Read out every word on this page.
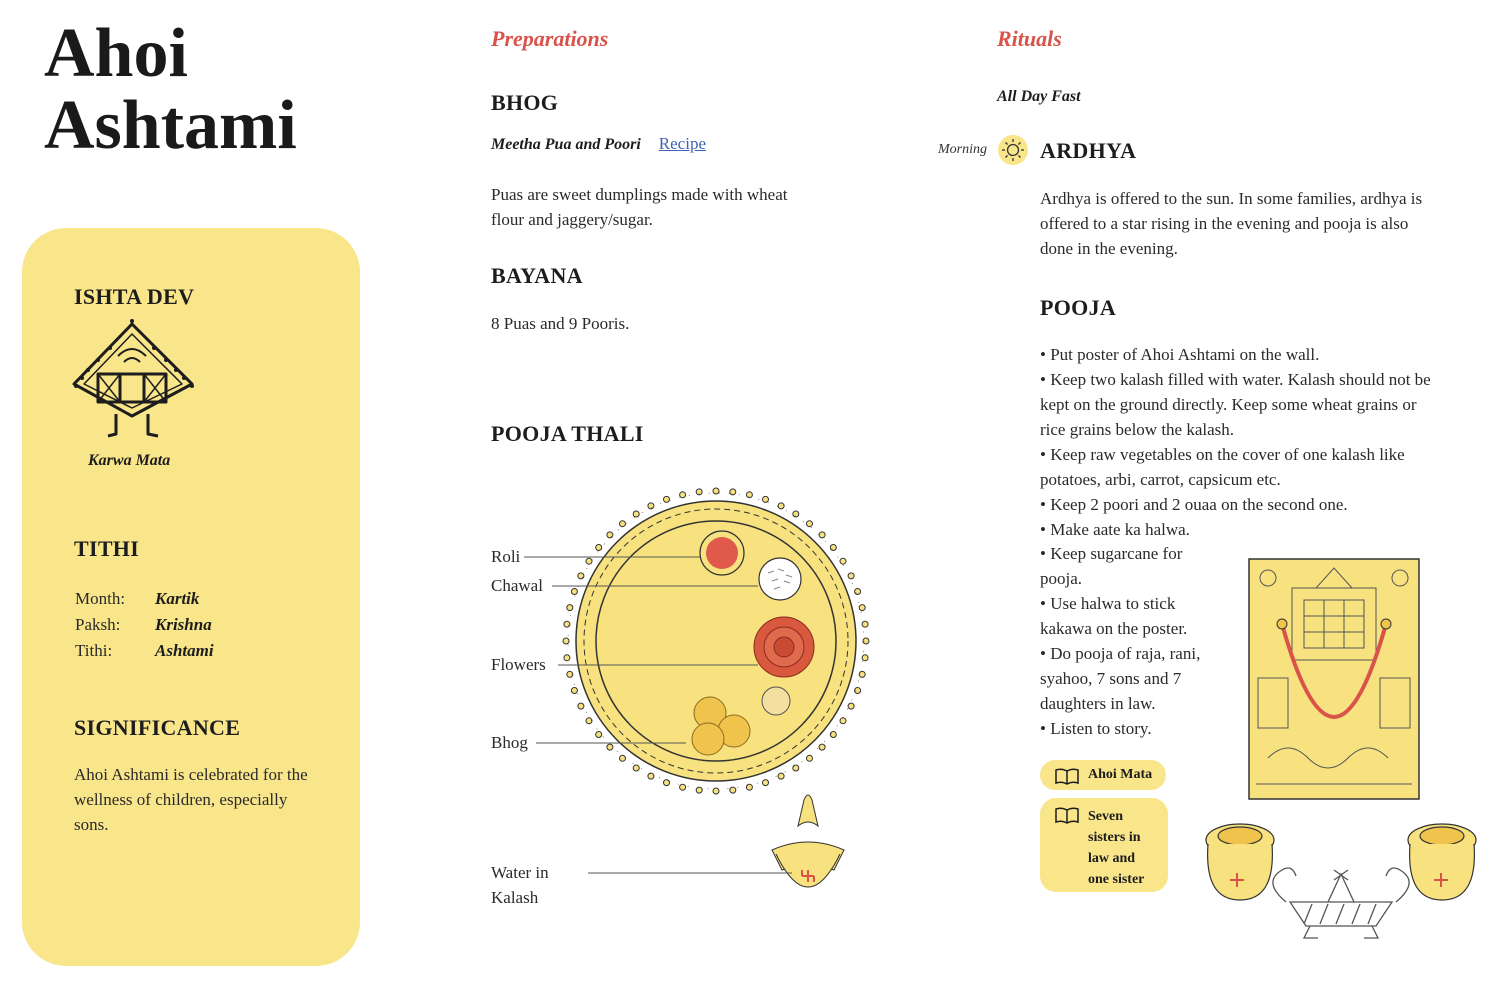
Ahoi
Ashtami
ISHTA DEV
Karwa Mata
TITHI
Month:	Kartik
Paksh:	Krishna
Tithi:	Ashtami
SIGNIFICANCE

Ahoi Ashtami is celebrated for the wellness of children, especially sons.

Preparations
BHOG
Meetha Pua and Poori Recipe

Puas are sweet dumplings made with wheat flour and jaggery/sugar.

BAYANA

8 Puas and 9 Pooris.

POOJA THALI
Roli
Chawal
Flowers
Bhog
Water in
Kalash
Rituals
All Day Fast
Morning ARDHYA

Ardhya is offered to the sun. In some families, ardhya is offered to a star rising in the evening and pooja is also done in the evening.

POOJA
• Put poster of Ahoi Ashtami on the wall.
• Keep two kalash filled with water. Kalash should not be kept on the ground directly. Keep some wheat grains or rice grains below the kalash.
• Keep raw vegetables on the cover of one kalash like potatoes, arbi, carrot, capsicum etc.
• Keep 2 poori and 2 ouaa on the second one.
• Make aate ka halwa.
• Keep sugarcane for pooja.
• Use halwa to stick kakawa on the poster.
• Do pooja of raja, rani, syahoo, 7 sons and 7 daughters in law.
• Listen to story.
Ahoi Mata
Seven sisters in law and one sister
